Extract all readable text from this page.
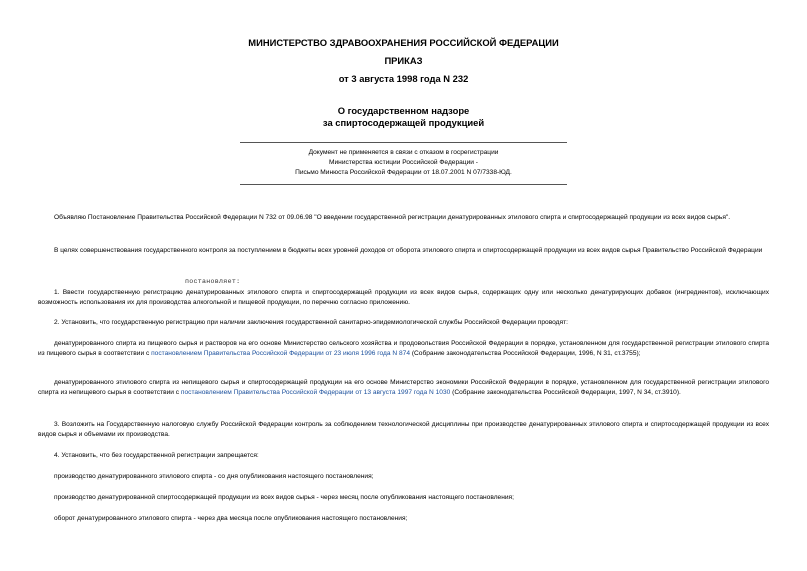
МИНИСТЕРСТВО ЗДРАВООХРАНЕНИЯ РОССИЙСКОЙ ФЕДЕРАЦИИ
ПРИКАЗ
от 3 августа 1998 года N 232
О государственном надзоре
за спиртосодержащей продукцией
Документ не применяется в связи с отказом в госрегистрации
Министерства юстиции Российской Федерации -
Письмо Минюста Российской Федерации от 18.07.2001 N 07/7338-ЮД.

Объявляю Постановление Правительства Российской Федерации N 732 от 09.06.98 "О введении государственной регистрации денатурированных этилового спирта и спиртосодержащей продукции из всех видов сырья".

В целях совершенствования государственного контроля за поступлением в бюджеты всех уровней доходов от оборота этилового спирта и спиртосодержащей продукции из всех видов сырья Правительство Российской Федерации

постановляет:

1. Ввести государственную регистрацию денатурированных этилового спирта и спиртосодержащей продукции из всех видов сырья, содержащих одну или несколько денатурирующих добавок (ингредиентов), исключающих возможность использования их для производства алкогольной и пищевой продукции, по перечню согласно приложению.

2. Установить, что государственную регистрацию при наличии заключения государственной санитарно-эпидемиологической службы Российской Федерации проводят:

денатурированного спирта из пищевого сырья и растворов на его основе Министерство сельского хозяйства и продовольствия Российской Федерации в порядке, установленном для государственной регистрации этилового спирта из пищевого сырья в соответствии с постановлением Правительства Российской Федерации от 23 июля 1996 года N 874 (Собрание законодательства Российской Федерации, 1996, N 31, ст.3755);

денатурированного этилового спирта из непищевого сырья и спиртосодержащей продукции на его основе Министерство экономики Российской Федерации в порядке, установленном для государственной регистрации этилового спирта из непищевого сырья в соответствии с постановлением Правительства Российской Федерации от 13 августа 1997 года N 1030 (Собрание законодательства Российской Федерации, 1997, N 34, ст.3910).

3. Возложить на Государственную налоговую службу Российской Федерации контроль за соблюдением технологической дисциплины при производстве денатурированных этилового спирта и спиртосодержащей продукции из всех видов сырья и объемами их производства.

4. Установить, что без государственной регистрации запрещается:

производство денатурированного этилового спирта - со дня опубликования настоящего постановления;

производство денатурированной спиртосодержащей продукции из всех видов сырья - через месяц после опубликования настоящего постановления;

оборот денатурированного этилового спирта - через два месяца после опубликования настоящего постановления;
